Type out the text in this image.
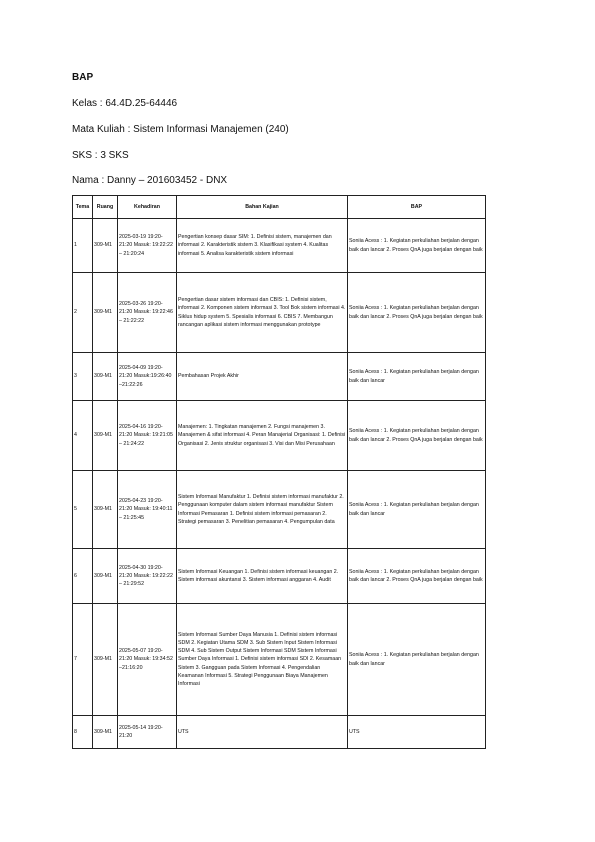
BAP
Kelas : 64.4D.25-64446
Mata Kuliah : Sistem Informasi Manajemen (240)
SKS : 3 SKS
Nama : Danny – 201603452 - DNX
Tema	Ruang	Kehadiran	Bahan Kajian	BAP
1	309-M1	2025-03-19 19:20-21:20 Masuk: 19:22:22 – 21:20:24	Pengertian konsep dasar SIM: 1. Definisi sistem, manajemen dan informasi 2. Karakteristik sistem 3. Klasifikasi system 4. Kualitas informasi 5. Analisa karakteristik sistem informasi	Soniia Acess : 1. Kegiatan perkuliahan berjalan dengan baik dan lancar 2. Proses QnA juga berjalan dengan baik
2	309-M1	2025-03-26 19:20-21:20 Masuk: 19:22:46 – 21:22:22	Pengertian dasar sistem informasi dan CBIS: 1. Definisi sistem, informasi 2. Komponen sistem informasi 3. Tool Bok sistem informasi 4. Siklus hidup system 5. Spesialis informasi 6. CBIS 7. Membangun rancangan aplikasi sistem informasi menggunakan prototype	Soniia Acess : 1. Kegiatan perkuliahan berjalan dengan baik dan lancar 2. Proses QnA juga berjalan dengan baik
3	309-M1	2025-04-09 19:20-21:20 Masuk:19:26:40 –21:22:26	Pembahasan Projek Akhir	Soniia Acess : 1. Kegiatan perkuliahan berjalan dengan baik dan lancar
4	309-M1	2025-04-16 19:20-21:20 Masuk: 19:21:05 – 21:24:22	Manajemen: 1. Tingkatan manajemen 2. Fungsi manajemen 3. Manajemen & sifat informasi 4. Peran Manajerial Organisasi: 1. Definisi Organisasi 2. Jenis struktur organisasi 3. Visi dan Misi Perusahaan	Soniia Acess : 1. Kegiatan perkuliahan berjalan dengan baik dan lancar 2. Proses QnA juga berjalan dengan baik
5	309-M1	2025-04-23 19:20-21:20 Masuk: 19:40:11 – 21:25:45	Sistem Informasi Manufaktur 1. Definisi sistem informasi manufaktur 2. Penggunaan komputer dalam sistem informasi manufaktur Sistem Informasi Pemasaran 1. Definisi sistem informasi pemasaran 2. Strategi pemasaran 3. Penelitian pemasaran 4. Pengumpulan data	Soniia Acess : 1. Kegiatan perkuliahan berjalan dengan baik dan lancar
6	309-M1	2025-04-30 19:20-21:20 Masuk: 19:22:22 – 21:29:52	Sistem Informasi Keuangan 1. Definisi sistem informasi keuangan 2. Sistem informasi akuntansi 3. Sistem informasi anggaran 4. Audit	Soniia Acess : 1. Kegiatan perkuliahan berjalan dengan baik dan lancar 2. Proses QnA juga berjalan dengan baik
7	309-M1	2025-05-07 19:20-21:20 Masuk: 19:34:52 –21:16:20	Sistem Informasi Sumber Daya Manusia 1. Definisi sistem informasi SDM 2. Kegiatan Utama SDM 3. Sub Sistem Input Sistem Informasi SDM 4. Sub Sistem Output Sistem Informasi SDM Sistem Informasi Sumber Daya Informasi 1. Definisi sistem informasi SDI 2. Kesamaan Sistem 3. Gangguan pada Sistem Informasi 4. Pengendalian Keamanan Informasi 5. Strategi Penggunaan Biaya Manajemen Informasi	Soniia Acess : 1. Kegiatan perkuliahan berjalan dengan baik dan lancar
8	309-M1	2025-05-14 19:20-21:20	UTS	UTS
